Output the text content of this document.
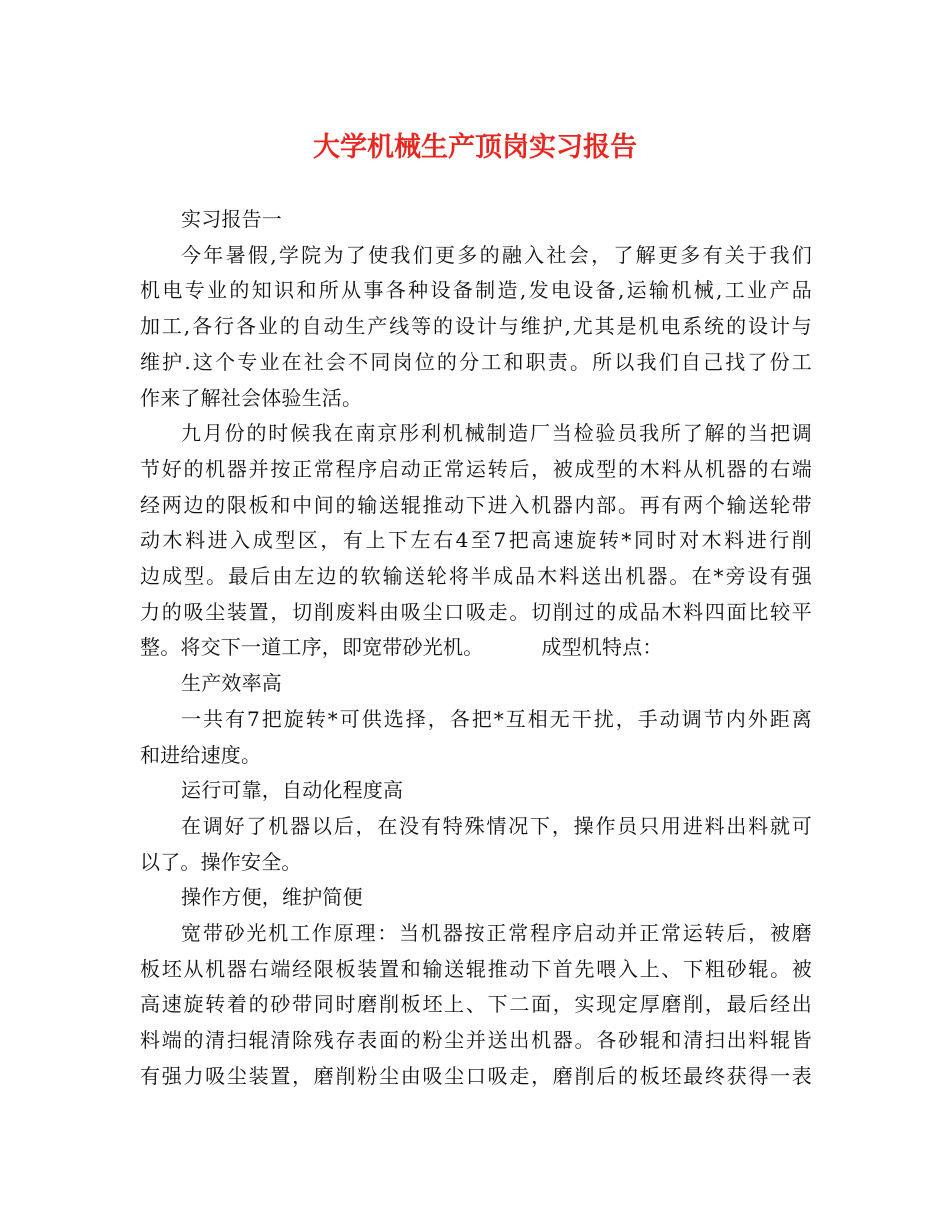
大学机械生产顶岗实习报告
实习报告一
今年暑假,学院为了使我们更多的融入社会，了解更多有关于我们
机电专业的知识和所从事各种设备制造,发电设备,运输机械,工业产品
加工,各行各业的自动生产线等的设计与维护,尤其是机电系统的设计与
维护.这个专业在社会不同岗位的分工和职责。所以我们自己找了份工
作来了解社会体验生活。
九月份的时候我在南京彤利机械制造厂当检验员我所了解的当把调
节好的机器并按正常程序启动正常运转后，被成型的木料从机器的右端
经两边的限板和中间的输送辊推动下进入机器内部。再有两个输送轮带
动木料进入成型区，有上下左右4至7把高速旋转*同时对木料进行削
边成型。最后由左边的软输送轮将半成品木料送出机器。在*旁设有强
力的吸尘装置，切削废料由吸尘口吸走。切削过的成品木料四面比较平
整。将交下一道工序，即宽带砂光机。	成型机特点：
生产效率高
一共有7把旋转*可供选择，各把*互相无干扰，手动调节内外距离
和进给速度。
运行可靠，自动化程度高
在调好了机器以后，在没有特殊情况下，操作员只用进料出料就可
以了。操作安全。
操作方便，维护简便
宽带砂光机工作原理：当机器按正常程序启动并正常运转后，被磨
板坯从机器右端经限板装置和输送辊推动下首先喂入上、下粗砂辊。被
高速旋转着的砂带同时磨削板坯上、下二面，实现定厚磨削，最后经出
料端的清扫辊清除残存表面的粉尘并送出机器。各砂辊和清扫出料辊皆
有强力吸尘装置，磨削粉尘由吸尘口吸走，磨削后的板坯最终获得一表
